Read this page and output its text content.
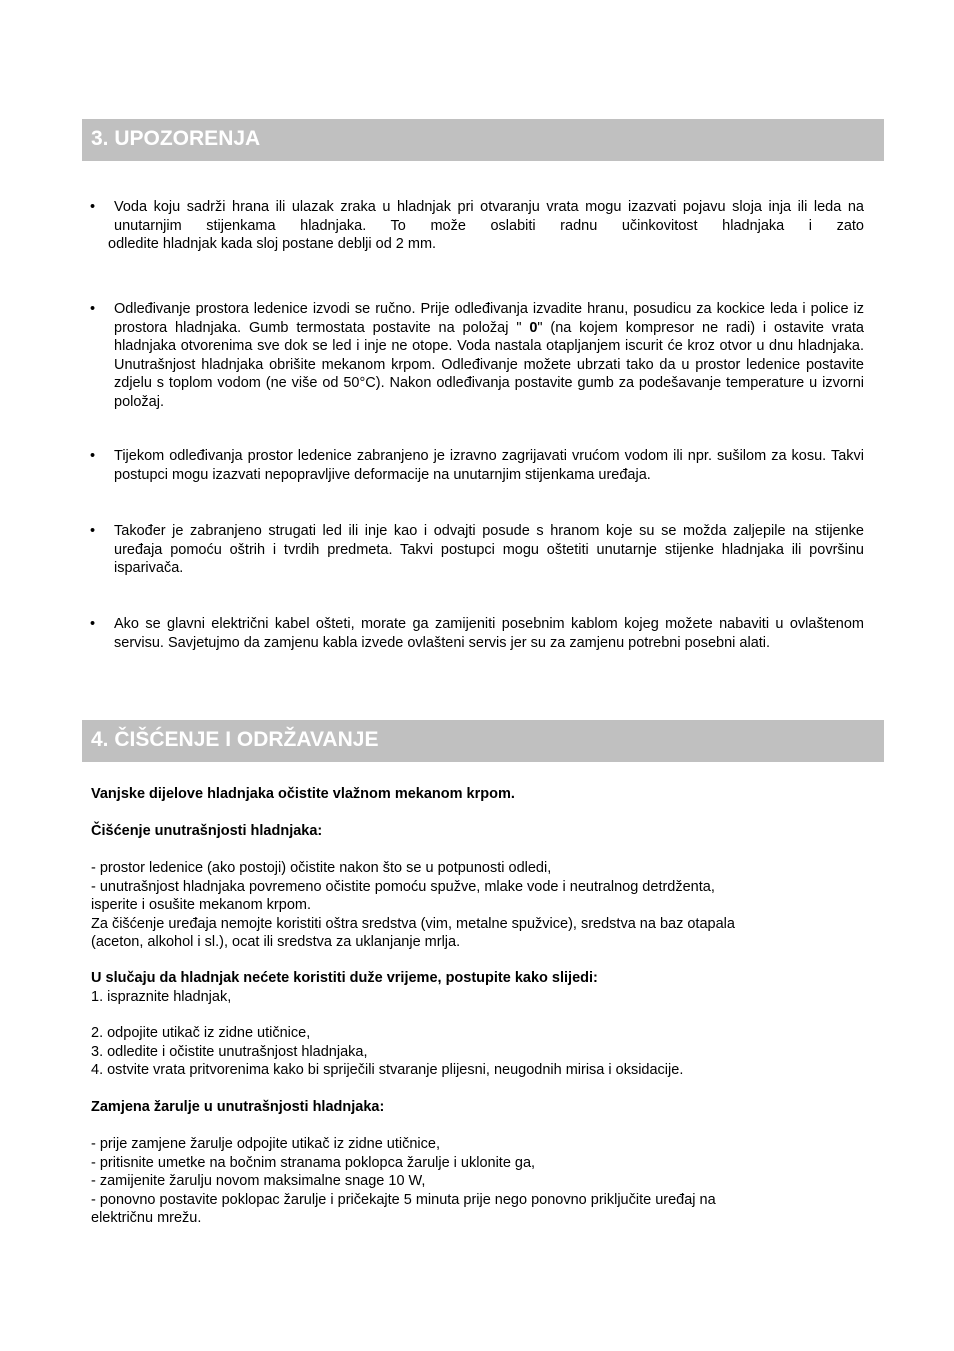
3. UPOZORENJA
• Voda koju sadrži hrana ili ulazak zraka u hladnjak pri otvaranju vrata mogu izazvati pojavu sloja inja ili leda na unutarnjim stijenkama hladnjaka. To može oslabiti radnu učinkovitost hladnjaka i zato

odledite hladnjak kada sloj postane deblji od 2 mm.

• Odleđivanje prostora ledenice izvodi se ručno. Prije odleđivanja izvadite hranu, posudicu za kockice leda i police iz prostora hladnjaka. Gumb termostata postavite na položaj " 0" (na kojem kompresor ne radi) i ostavite vrata hladnjaka otvorenima sve dok se led i inje ne otope. Voda nastala otapljanjem iscurit će kroz otvor u dnu hladnjaka. Unutrašnjost hladnjaka obrišite mekanom krpom. Odleđivanje možete ubrzati tako da u prostor ledenice postavite zdjelu s toplom vodom (ne više od 50°C). Nakon odleđivanja postavite gumb za podešavanje temperature u izvorni položaj.

• Tijekom odleđivanja prostor ledenice zabranjeno je izravno zagrijavati vrućom vodom ili npr. sušilom za kosu. Takvi postupci mogu izazvati nepopravljive deformacije na unutarnjim stijenkama uređaja.

• Također je zabranjeno strugati led ili inje kao i odvajti posude s hranom koje su se možda zaljepile na stijenke uređaja pomoću oštrih i tvrdih predmeta. Takvi postupci mogu oštetiti unutarnje stijenke hladnjaka ili površinu isparivača.

• Ako se glavni električni kabel ošteti, morate ga zamijeniti posebnim kablom kojeg možete nabaviti u ovlaštenom servisu. Savjetujmo da zamjenu kabla izvede ovlašteni servis jer su za zamjenu potrebni posebni alati.

4. ČIŠĆENJE I ODRŽAVANJE

Vanjske dijelove hladnjaka očistite vlažnom mekanom krpom.

Čišćenje unutrašnjosti hladnjaka:

- prostor ledenice (ako postoji) očistite nakon što se u potpunosti odledi,
- unutrašnjost hladnjaka povremeno očistite pomoću spužve, mlake vode i neutralnog detrdženta,
isperite i osušite mekanom krpom.
Za čišćenje uređaja nemojte koristiti oštra sredstva (vim, metalne spužvice), sredstva na baz otapala
(aceton, alkohol i sl.), ocat ili sredstva za uklanjanje mrlja.

U slučaju da hladnjak nećete koristiti duže vrijeme, postupite kako slijedi:

1. ispraznite hladnjak,

2. odpojite utikač iz zidne utičnice,
3. odledite i očistite unutrašnjost hladnjaka,
4. ostvite vrata pritvorenima kako bi spriječili stvaranje plijesni, neugodnih mirisa i oksidacije.

Zamjena žarulje u unutrašnjosti hladnjaka:

- prije zamjene žarulje odpojite utikač iz zidne utičnice,
- pritisnite umetke na bočnim stranama poklopca žarulje i uklonite ga,
- zamijenite žarulju novom maksimalne snage 10 W,
- ponovno postavite poklopac žarulje i pričekajte 5 minuta prije nego ponovno priključite uređaj na
električnu mrežu.
